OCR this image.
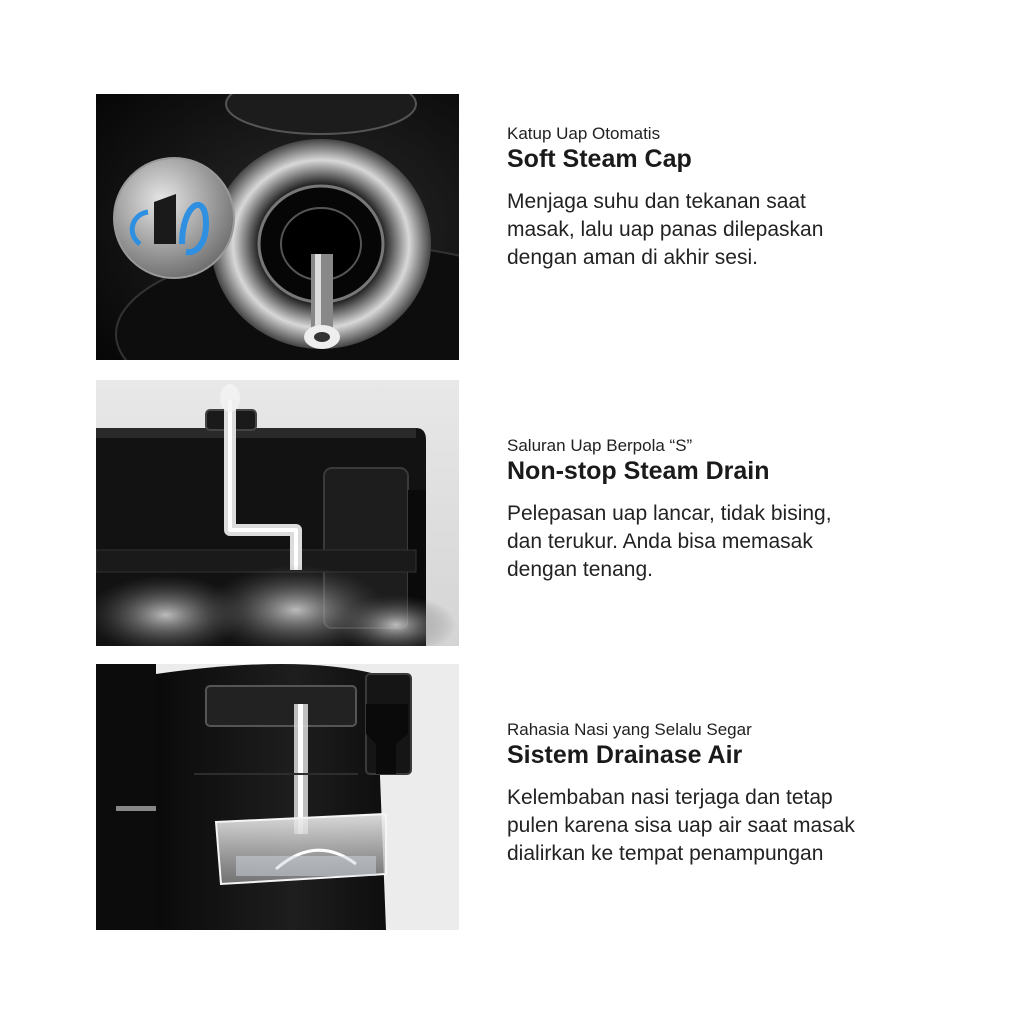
Katup Uap Otomatis

Soft Steam Cap

Menjaga suhu dan tekanan saat
masak, lalu uap panas dilepaskan
dengan aman di akhir sesi.

Saluran Uap Berpola “S”

Non-stop Steam Drain

Pelepasan uap lancar, tidak bising,
dan terukur. Anda bisa memasak
dengan tenang.

Rahasia Nasi yang Selalu Segar

Sistem Drainase Air

Kelembaban nasi terjaga dan tetap
pulen karena sisa uap air saat masak
dialirkan ke tempat penampungan
